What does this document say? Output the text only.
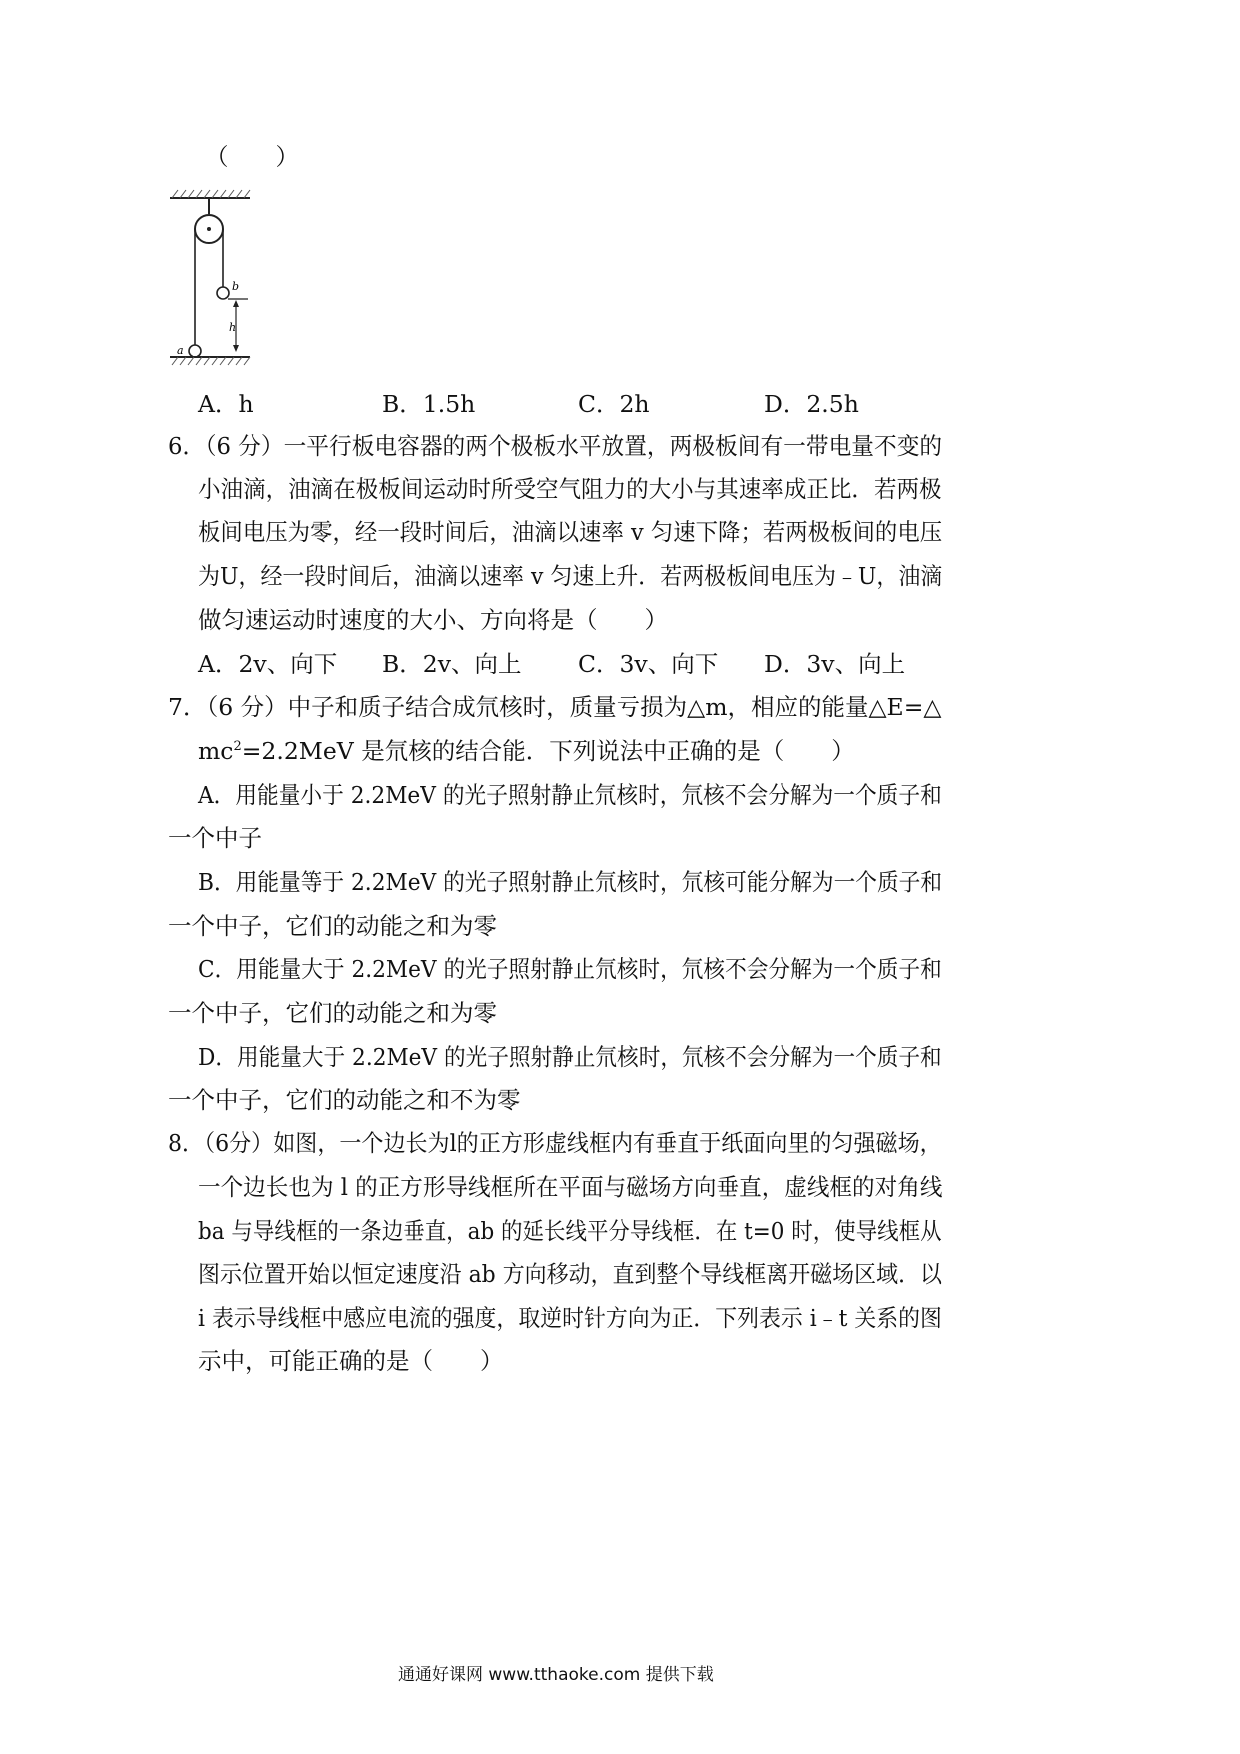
（　　）
b
h
a
A．h	B．1.5h	C．2h	D．2.5h
6．（6 分）一平行板电容器的两个极板水平放置，两极板间有一带电量不变的
小油滴，油滴在极板间运动时所受空气阻力的大小与其速率成正比．若两极
板间电压为零，经一段时间后，油滴以速率 v 匀速下降；若两极板间的电压
为U，经一段时间后，油滴以速率 v 匀速上升．若两极板间电压为﹣U，油滴
做匀速运动时速度的大小、方向将是（　　）
A．2v、向下 B．2v、向上 C．3v、向下 D．3v、向上
7．（6 分）中子和质子结合成氘核时，质量亏损为△m，相应的能量△E=△
$mc^2=2.2MeV$ 是氘核的结合能．下列说法中正确的是（　　）
A．用能量小于 2.2MeV 的光子照射静止氘核时，氘核不会分解为一个质子和
一个中子
B．用能量等于 2.2MeV 的光子照射静止氘核时，氘核可能分解为一个质子和
一个中子，它们的动能之和为零
C．用能量大于 2.2MeV 的光子照射静止氘核时，氘核不会分解为一个质子和
一个中子，它们的动能之和为零
D．用能量大于 2.2MeV 的光子照射静止氘核时，氘核不会分解为一个质子和
一个中子，它们的动能之和不为零
8．（6分）如图，一个边长为l的正方形虚线框内有垂直于纸面向里的匀强磁场，
一个边长也为 l 的正方形导线框所在平面与磁场方向垂直，虚线框的对角线
ba 与导线框的一条边垂直，ab 的延长线平分导线框．在 t=0 时，使导线框从
图示位置开始以恒定速度沿 ab 方向移动，直到整个导线框离开磁场区域．以
i 表示导线框中感应电流的强度，取逆时针方向为正．下列表示 i﹣t 关系的图
示中，可能正确的是（　　）
通通好课网 www.tthaoke.com 提供下载
